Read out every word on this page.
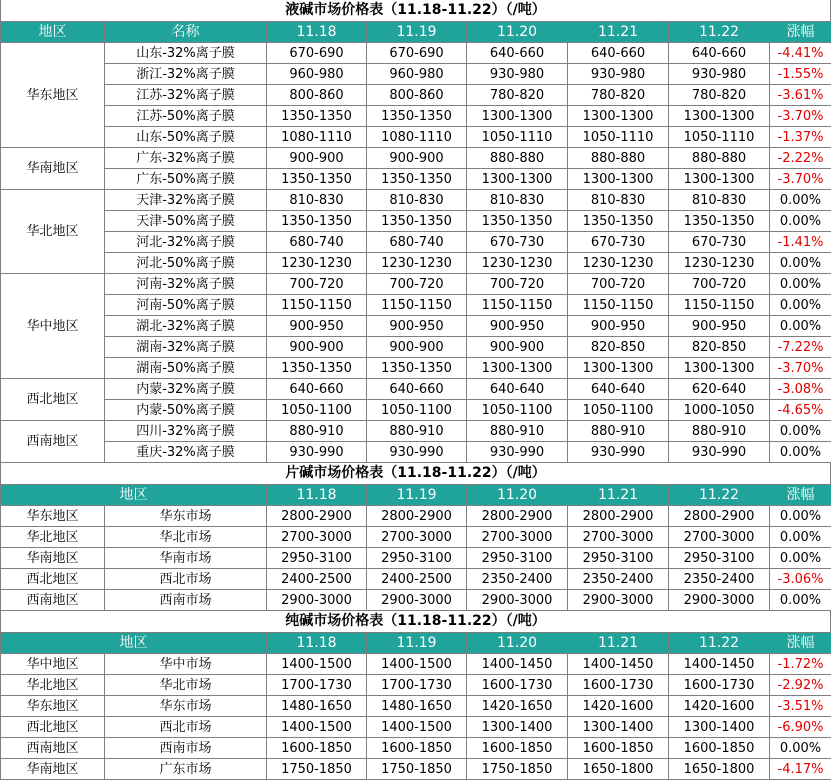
液碱市场价格表（11.18-11.22）（/吨）
地区	名称	11.18	11.19	11.20	11.21	11.22	涨幅
华东地区	山东-32%离子膜	670-690	670-690	640-660	640-660	640-660	-4.41%
	浙江-32%离子膜	960-980	960-980	930-980	930-980	930-980	-1.55%
	江苏-32%离子膜	800-860	800-860	780-820	780-820	780-820	-3.61%
	江苏-50%离子膜	1350-1350	1350-1350	1300-1300	1300-1300	1300-1300	-3.70%
	山东-50%离子膜	1080-1110	1080-1110	1050-1110	1050-1110	1050-1110	-1.37%
华南地区	广东-32%离子膜	900-900	900-900	880-880	880-880	880-880	-2.22%
	广东-50%离子膜	1350-1350	1350-1350	1300-1300	1300-1300	1300-1300	-3.70%
华北地区	天津-32%离子膜	810-830	810-830	810-830	810-830	810-830	0.00%
	天津-50%离子膜	1350-1350	1350-1350	1350-1350	1350-1350	1350-1350	0.00%
	河北-32%离子膜	680-740	680-740	670-730	670-730	670-730	-1.41%
	河北-50%离子膜	1230-1230	1230-1230	1230-1230	1230-1230	1230-1230	0.00%
华中地区	河南-32%离子膜	700-720	700-720	700-720	700-720	700-720	0.00%
	河南-50%离子膜	1150-1150	1150-1150	1150-1150	1150-1150	1150-1150	0.00%
	湖北-32%离子膜	900-950	900-950	900-950	900-950	900-950	0.00%
	湖南-32%离子膜	900-900	900-900	900-900	820-850	820-850	-7.22%
	湖南-50%离子膜	1350-1350	1350-1350	1300-1300	1300-1300	1300-1300	-3.70%
西北地区	内蒙-32%离子膜	640-660	640-660	640-640	640-640	620-640	-3.08%
	内蒙-50%离子膜	1050-1100	1050-1100	1050-1100	1050-1100	1000-1050	-4.65%
西南地区	四川-32%离子膜	880-910	880-910	880-910	880-910	880-910	0.00%
	重庆-32%离子膜	930-990	930-990	930-990	930-990	930-990	0.00%
片碱市场价格表（11.18-11.22）（/吨）
地区		11.18	11.19	11.20	11.21	11.22	涨幅
华东地区	华东市场	2800-2900	2800-2900	2800-2900	2800-2900	2800-2900	0.00%
华北地区	华北市场	2700-3000	2700-3000	2700-3000	2700-3000	2700-3000	0.00%
华南地区	华南市场	2950-3100	2950-3100	2950-3100	2950-3100	2950-3100	0.00%
西北地区	西北市场	2400-2500	2400-2500	2350-2400	2350-2400	2350-2400	-3.06%
西南地区	西南市场	2900-3000	2900-3000	2900-3000	2900-3000	2900-3000	0.00%
纯碱市场价格表（11.18-11.22）（/吨）
地区		11.18	11.19	11.20	11.21	11.22	涨幅
华中地区	华中市场	1400-1500	1400-1500	1400-1450	1400-1450	1400-1450	-1.72%
华北地区	华北市场	1700-1730	1700-1730	1600-1730	1600-1730	1600-1730	-2.92%
华东地区	华东市场	1480-1650	1480-1650	1420-1650	1420-1600	1420-1600	-3.51%
西北地区	西北市场	1400-1500	1400-1500	1300-1400	1300-1400	1300-1400	-6.90%
西南地区	西南市场	1600-1850	1600-1850	1600-1850	1600-1850	1600-1850	0.00%
华南地区	广东市场	1750-1850	1750-1850	1750-1850	1650-1800	1650-1800	-4.17%
